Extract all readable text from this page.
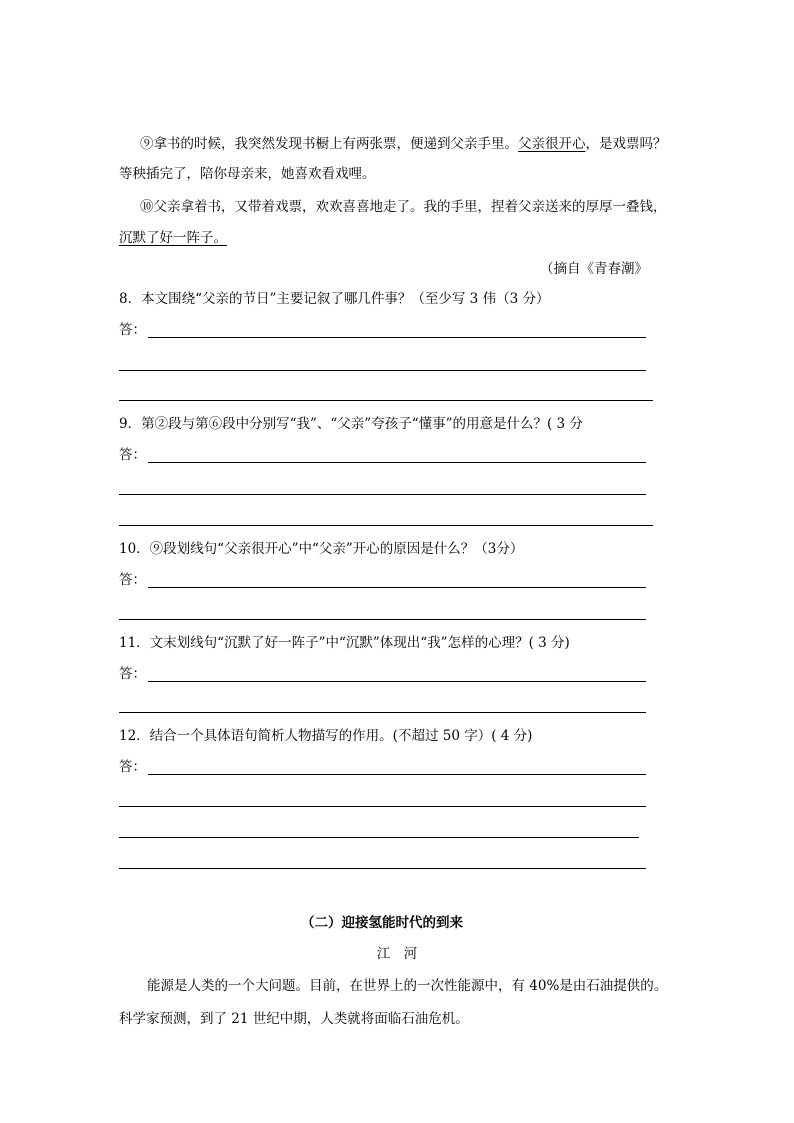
⑨拿书的时候，我突然发现书橱上有两张票，便递到父亲手里。父亲很开心，是戏票吗？
等秧插完了，陪你母亲来，她喜欢看戏哩。
⑩父亲拿着书，又带着戏票，欢欢喜喜地走了。我的手里，捏着父亲送来的厚厚一叠钱，
沉默了好一阵子。
（摘自《青春潮》
8．本文围绕“父亲的节日”主要记叙了哪几件事？（至少写 3 伟（3 分）
答：
9．第②段与第⑥段中分别写“我”、“父亲”夸孩子“懂事”的用意是什么？( 3 分
答：
10．⑨段划线句“父亲很开心”中“父亲”开心的原因是什么？（3分）
答：
11．文末划线句“沉默了好一阵子”中“沉默”体现出“我”怎样的心理？( 3 分)
答：
12．结合一个具体语句简析人物描写的作用。(不超过 50 字）( 4 分)
答：
（二）迎接氢能时代的到来
江　河
能源是人类的一个大问题。目前，在世界上的一次性能源中，有 40%是由石油提供的。
科学家预测，到了 21 世纪中期，人类就将面临石油危机。
